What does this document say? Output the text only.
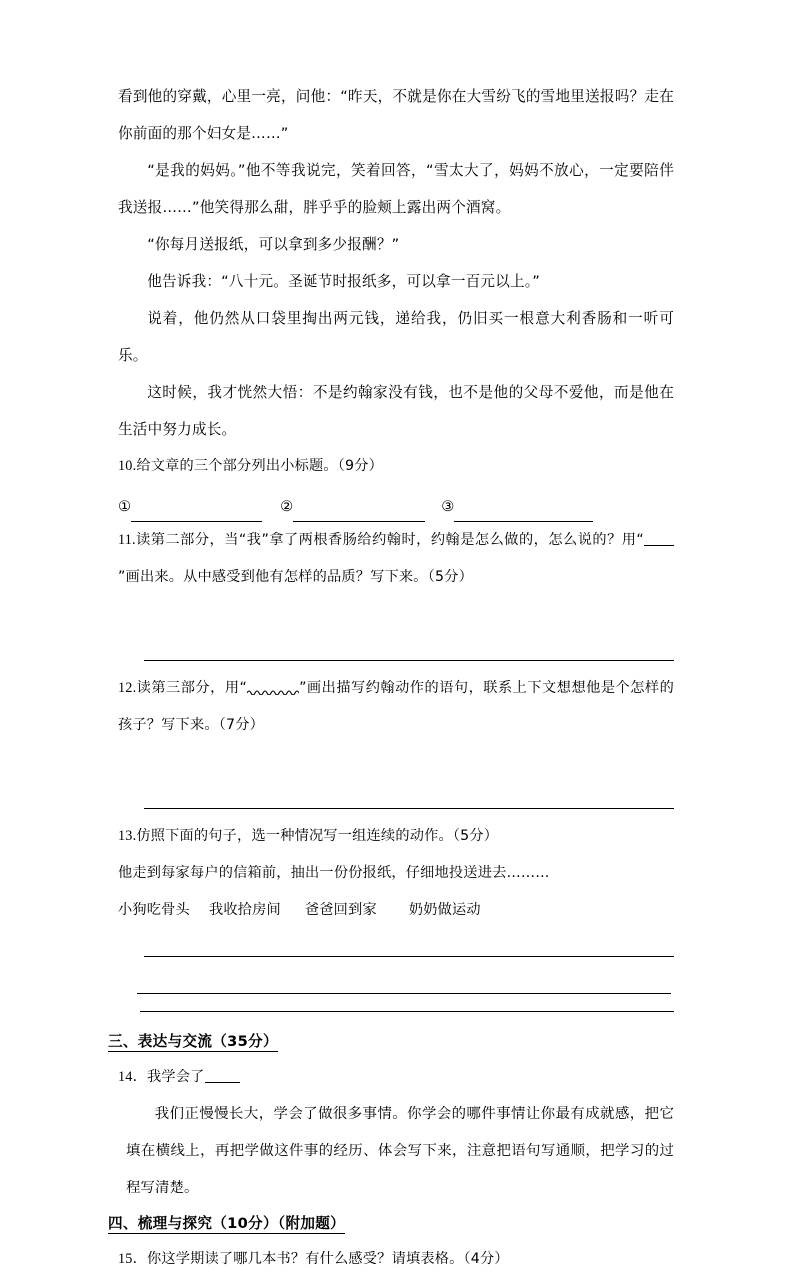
看到他的穿戴，心里一亮，问他：“昨天，不就是你在大雪纷飞的雪地里送报吗？走在你前面的那个妇女是……”

“是我的妈妈。”他不等我说完，笑着回答，“雪太大了，妈妈不放心，一定要陪伴我送报……”他笑得那么甜，胖乎乎的脸颊上露出两个酒窝。

“你每月送报纸，可以拿到多少报酬？”

他告诉我：“八十元。圣诞节时报纸多，可以拿一百元以上。”

说着，他仍然从口袋里掏出两元钱，递给我，仍旧买一根意大利香肠和一听可乐。

这时候，我才恍然大悟：不是约翰家没有钱，也不是他的父母不爱他，而是他在生活中努力成长。

10.给文章的三个部分列出小标题。（9分）

①	②	③

11.读第二部分，当“我”拿了两根香肠给约翰时，约翰是怎么做的，怎么说的？用“”画出来。从中感受到他有怎样的品质？写下来。（5分）

12.读第三部分，用“	”画出描写约翰动作的语句，联系上下文想想他是个怎样的孩子？写下来。（7分）

13.仿照下面的句子，选一种情况写一组连续的动作。（5分）

他走到每家每户的信箱前，抽出一份份报纸，仔细地投送进去………

小狗吃骨头 我收拾房间 爸爸回到家 奶奶做运动

三、表达与交流（35分）

14．我学会了

我们正慢慢长大，学会了做很多事情。你学会的哪件事情让你最有成就感，把它填在横线上，再把学做这件事的经历、体会写下来，注意把语句写通顺，把学习的过程写清楚。

四、梳理与探究（10分）（附加题）

15．你这学期读了哪几本书？有什么感受？请填表格。（4分）
